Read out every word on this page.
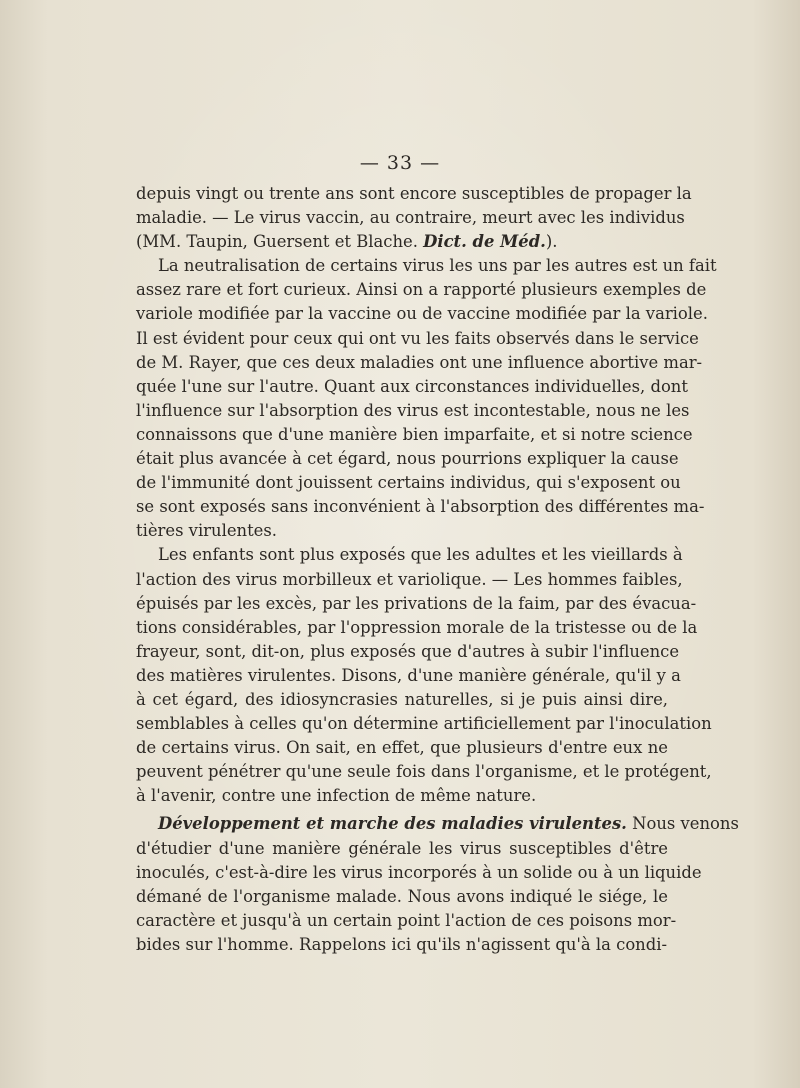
— 33 —
depuis vingt ou trente ans sont encore susceptibles de propager la
maladie. — Le virus vaccin, au contraire, meurt avec les individus
(MM. Taupin, Guersent et Blache. Dict. de Méd.).
La neutralisation de certains virus les uns par les autres est un fait
assez rare et fort curieux. Ainsi on a rapporté plusieurs exemples de
variole modifiée par la vaccine ou de vaccine modifiée par la variole.
Il est évident pour ceux qui ont vu les faits observés dans le service
de M. Rayer, que ces deux maladies ont une influence abortive mar-
quée l'une sur l'autre. Quant aux circonstances individuelles, dont
l'influence sur l'absorption des virus est incontestable, nous ne les
connaissons que d'une manière bien imparfaite, et si notre science
était plus avancée à cet égard, nous pourrions expliquer la cause
de l'immunité dont jouissent certains individus, qui s'exposent ou
se sont exposés sans inconvénient à l'absorption des différentes ma-
tières virulentes.
Les enfants sont plus exposés que les adultes et les vieillards à
l'action des virus morbilleux et variolique. — Les hommes faibles,
épuisés par les excès, par les privations de la faim, par des évacua-
tions considérables, par l'oppression morale de la tristesse ou de la
frayeur, sont, dit-on, plus exposés que d'autres à subir l'influence
des matières virulentes. Disons, d'une manière générale, qu'il y a
à cet égard, des idiosyncrasies naturelles, si je puis ainsi dire,
semblables à celles qu'on détermine artificiellement par l'inoculation
de certains virus. On sait, en effet, que plusieurs d'entre eux ne
peuvent pénétrer qu'une seule fois dans l'organisme, et le protégent,
à l'avenir, contre une infection de même nature.
Développement et marche des maladies virulentes. Nous venons
d'étudier d'une manière générale les virus susceptibles d'être
inoculés, c'est-à-dire les virus incorporés à un solide ou à un liquide
démané de l'organisme malade. Nous avons indiqué le siége, le
caractère et jusqu'à un certain point l'action de ces poisons mor-
bides sur l'homme. Rappelons ici qu'ils n'agissent qu'à la condi-
